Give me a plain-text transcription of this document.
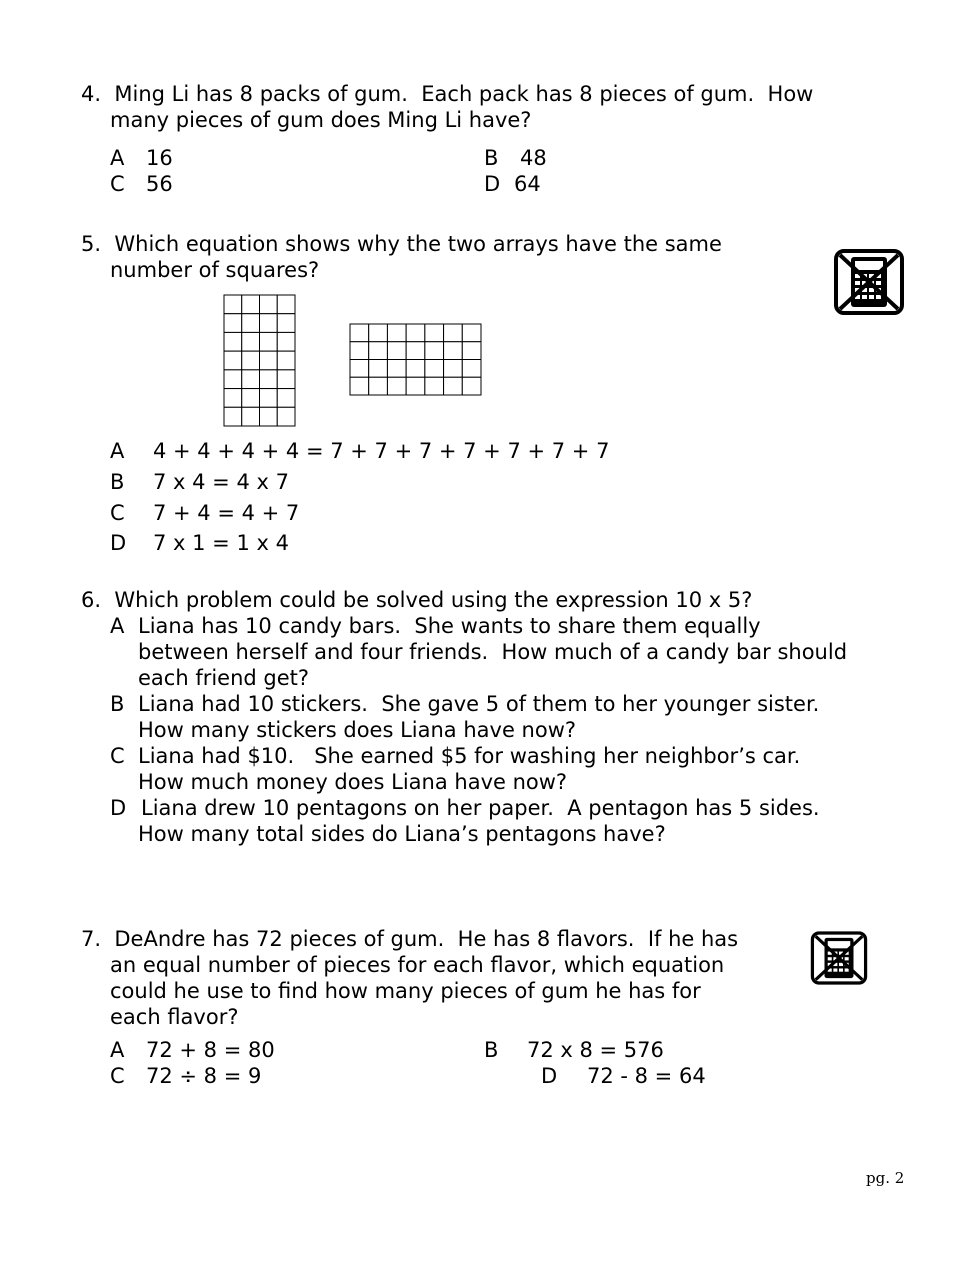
4.  Ming Li has 8 packs of gum.  Each pack has 8 pieces of gum.  How
many pieces of gum does Ming Li have?
A 16	B 48
C 56	D 64
5.  Which equation shows why the two arrays have the same
number of squares?
A 4 + 4 + 4 + 4 = 7 + 7 + 7 + 7 + 7 + 7 + 7
B 7 x 4 = 4 x 7
C 7 + 4 = 4 + 7
D 7 x 1 = 1 x 4
6.  Which problem could be solved using the expression 10 x 5?
A Liana has 10 candy bars.  She wants to share them equally
between herself and four friends.  How much of a candy bar should
each friend get?
B Liana had 10 stickers.  She gave 5 of them to her younger sister.
How many stickers does Liana have now?
C Liana had $10.   She earned $5 for washing her neighbor’s car.
How much money does Liana have now?
D Liana drew 10 pentagons on her paper.  A pentagon has 5 sides.
How many total sides do Liana’s pentagons have?
7.  DeAndre has 72 pieces of gum.  He has 8 flavors.  If he has
an equal number of pieces for each flavor, which equation
could he use to find how many pieces of gum he has for
each flavor?
A 72 + 8 = 80	B 72 x 8 = 576
C 72 ÷ 8 = 9	D 72 - 8 = 64
pg. 2
